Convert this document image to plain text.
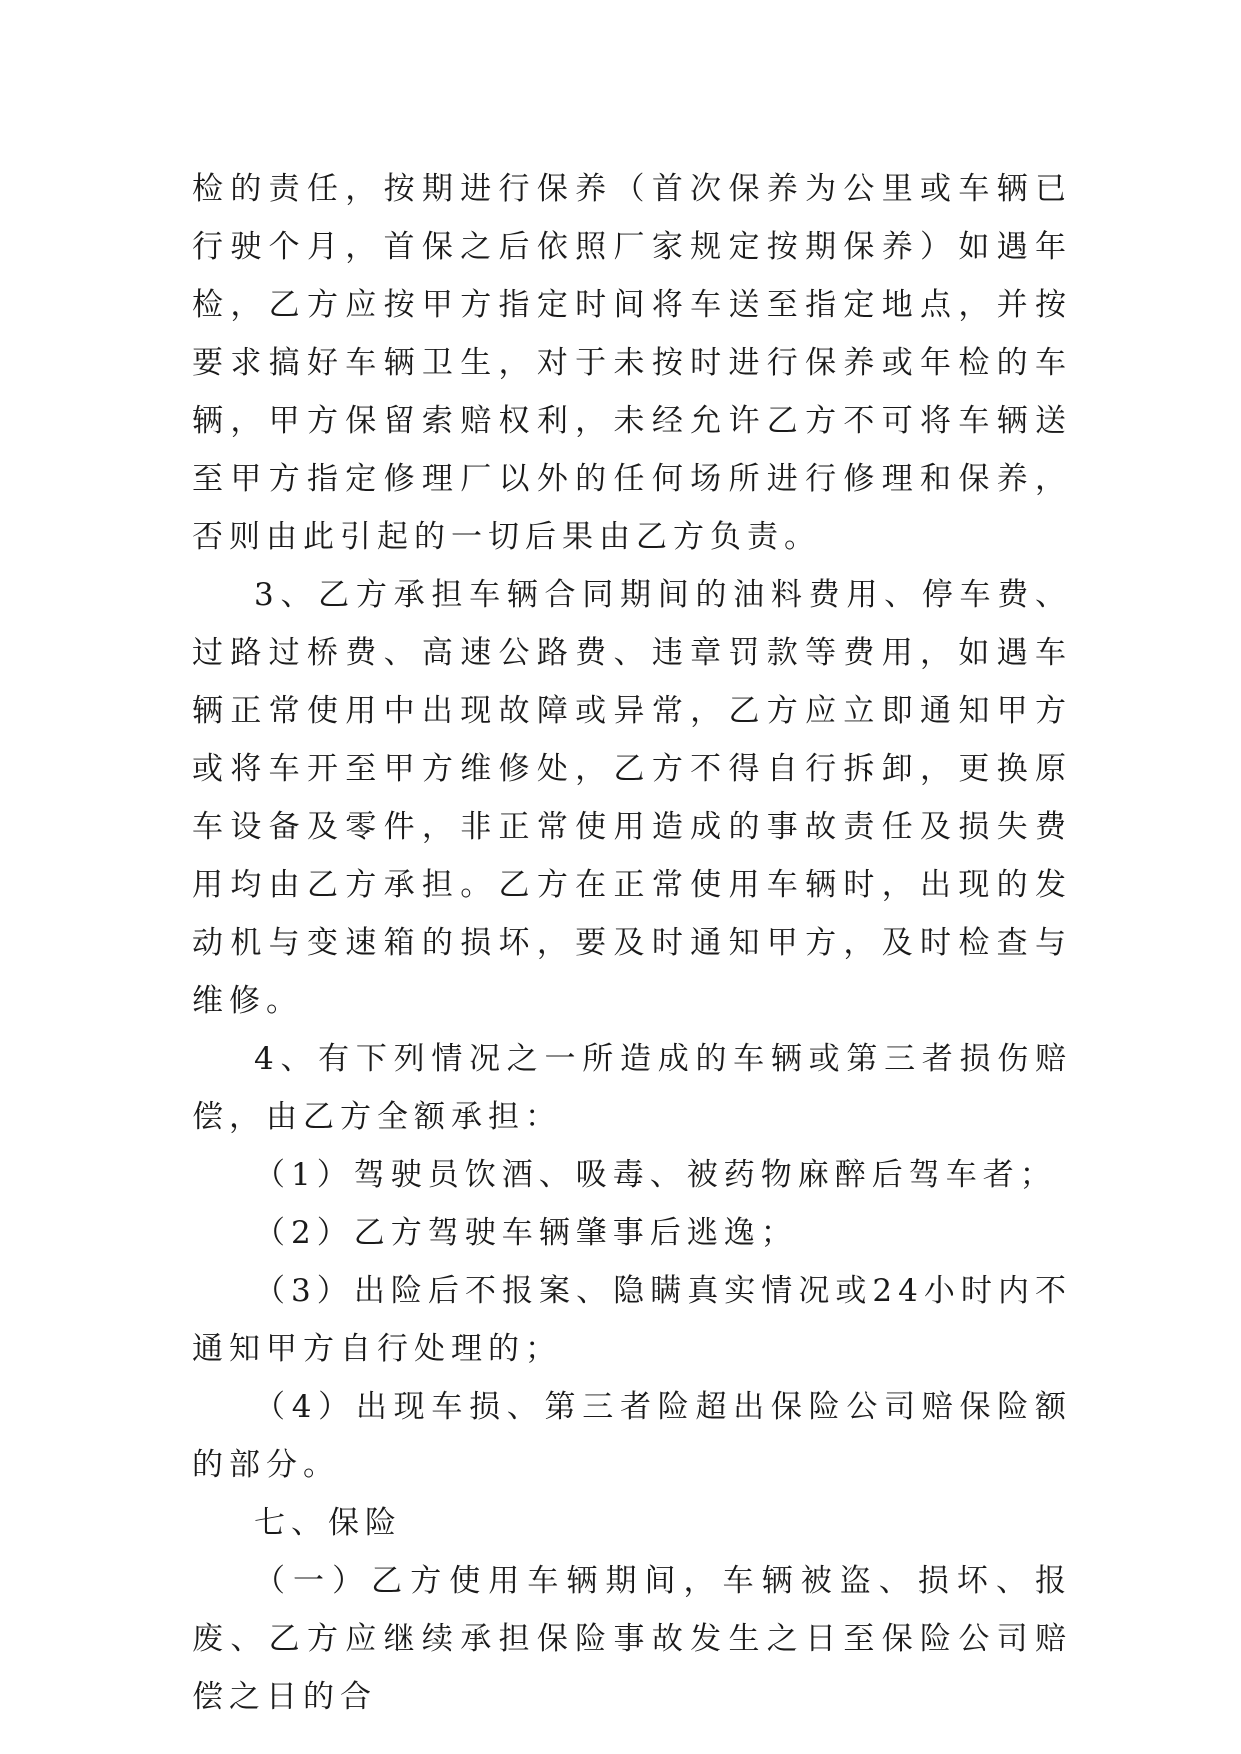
检的责任，按期进行保养（首次保养为公里或车辆已行驶个月，首保之后依照厂家规定按期保养）如遇年检，乙方应按甲方指定时间将车送至指定地点，并按要求搞好车辆卫生，对于未按时进行保养或年检的车辆，甲方保留索赔权利，未经允许乙方不可将车辆送至甲方指定修理厂以外的任何场所进行修理和保养，否则由此引起的一切后果由乙方负责。

3、乙方承担车辆合同期间的油料费用、停车费、过路过桥费、高速公路费、违章罚款等费用，如遇车辆正常使用中出现故障或异常，乙方应立即通知甲方或将车开至甲方维修处，乙方不得自行拆卸，更换原车设备及零件，非正常使用造成的事故责任及损失费用均由乙方承担。乙方在正常使用车辆时，出现的发动机与变速箱的损坏，要及时通知甲方，及时检查与维修。

4、有下列情况之一所造成的车辆或第三者损伤赔偿，由乙方全额承担：

（1）驾驶员饮酒、吸毒、被药物麻醉后驾车者；

（2）乙方驾驶车辆肇事后逃逸；

（3）出险后不报案、隐瞒真实情况或24小时内不通知甲方自行处理的；

（4）出现车损、第三者险超出保险公司赔保险额的部分。

七、保险

（一）乙方使用车辆期间，车辆被盗、损坏、报废、乙方应继续承担保险事故发生之日至保险公司赔偿之日的合
